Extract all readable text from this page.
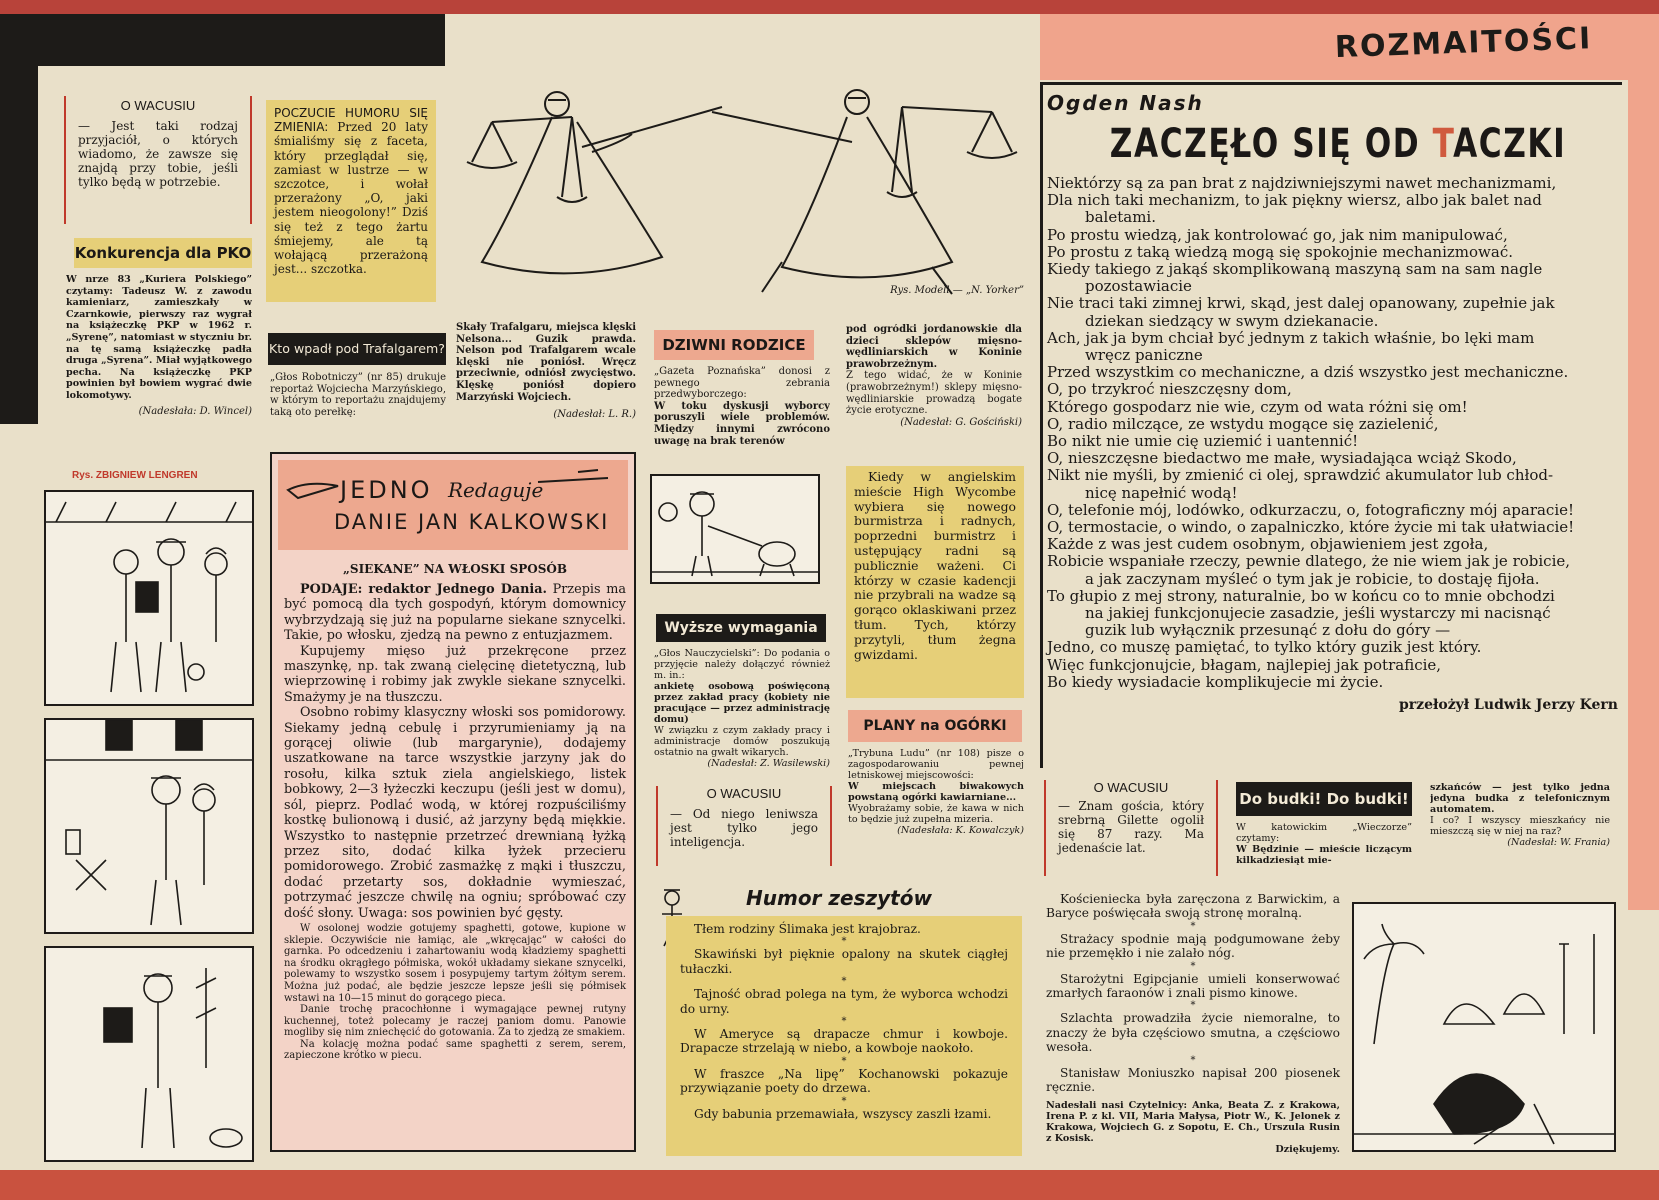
ROZMAITOŚCI
O WACUSIU
— Jest taki rodzaj przyjaciół, o których wiadomo, że zawsze się znajdą przy tobie, jeśli tylko będą w potrzebie.
POCZUCIE HUMORU SIĘ ZMIENIA: Przed 20 laty śmialiśmy się z faceta, który przeglądał się, zamiast w lustrze — w szczotce, i wołał przerażony „O, jaki jestem nieogolony!” Dziś się też z tego żartu śmiejemy, ale tą wołającą przerażoną jest... szczotka.
Rys. Modell — „N. Yorker”
Konkurencja dla PKO
W nrze 83 „Kuriera Polskiego” czytamy: Tadeusz W. z zawodu kamieniarz, zamieszkały w Czarnkowie, pierwszy raz wygrał na książeczkę PKP w 1962 r. „Syrenę”, natomiast w styczniu br. na tę samą książeczkę padła druga „Syrena”. Miał wyjątkowego pecha. Na książeczkę PKP powinien był bowiem wygrać dwie lokomotywy.
(Nadesłała: D. Wincel)
Kto wpadł pod Trafalgarem?
„Głos Robotniczy” (nr 85) drukuje reportaż Wojciecha Marzyńskiego, w którym to reportażu znajdujemy taką oto perełkę:
Skały Trafalgaru, miejsca klęski Nelsona... Guzik prawda. Nelson pod Trafalgarem wcale klęski nie poniósł. Wręcz przeciwnie, odniósł zwycięstwo. Klęskę poniósł dopiero Marzyński Wojciech.
(Nadesłał: L. R.)
DZIWNI RODZICE
„Gazeta Poznańska” donosi z pewnego zebrania przedwyborczego:
W toku dyskusji wyborcy poruszyli wiele problemów. Między innymi zwrócono uwagę na brak terenów
pod ogródki jordanowskie dla dzieci sklepów mięsno-wędliniarskich w Koninie prawobrzeżnym.
Z tego widać, że w Koninie (prawobrzeżnym!) sklepy mięsno-wędliniarskie prowadzą bogate życie erotyczne.
(Nadesłał: G. Gościński)
Ogden Nash
ZACZĘŁO SIĘ OD TACZKI

Niektórzy są za pan brat z najdziwniejszymi nawet mechanizmami,

Dla nich taki mechanizm, to jak piękny wiersz, albo jak balet nad

baletami.

Po prostu wiedzą, jak kontrolować go, jak nim manipulować,

Po prostu z taką wiedzą mogą się spokojnie mechanizmować.

Kiedy takiego z jakąś skomplikowaną maszyną sam na sam nagle

pozostawiacie

Nie traci taki zimnej krwi, skąd, jest dalej opanowany, zupełnie jak

dziekan siedzący w swym dziekanacie.

Ach, jak ja bym chciał być jednym z takich właśnie, bo lęki mam

wręcz paniczne

Przed wszystkim co mechaniczne, a dziś wszystko jest mechaniczne.

O, po trzykroć nieszczęsny dom,

Którego gospodarz nie wie, czym od wata różni się om!

O, radio milczące, ze wstydu mogące się zazielenić,

Bo nikt nie umie cię uziemić i uantennić!

O, nieszczęsne biedactwo me małe, wysiadająca wciąż Skodo,

Nikt nie myśli, by zmienić ci olej, sprawdzić akumulator lub chłod-

nicę napełnić wodą!

O, telefonie mój, lodówko, odkurzaczu, o, fotograficzny mój aparacie!

O, termostacie, o windo, o zapalniczko, które życie mi tak ułatwiacie!

Każde z was jest cudem osobnym, objawieniem jest zgoła,

Robicie wspaniałe rzeczy, pewnie dlatego, że nie wiem jak je robicie,

a jak zaczynam myśleć o tym jak je robicie, to dostaję fijoła.

To głupio z mej strony, naturalnie, bo w końcu co to mnie obchodzi

na jakiej funkcjonujecie zasadzie, jeśli wystarczy mi nacisnąć

guzik lub wyłącznik przesunąć z dołu do góry —

Jedno, co muszę pamiętać, to tylko który guzik jest który.

Więc funkcjonujcie, błagam, najlepiej jak potraficie,

Bo kiedy wysiadacie komplikujecie mi życie.

przełożył Ludwik Jerzy Kern
Rys. ZBIGNIEW LENGREN
JEDNO Redaguje
DANIE JAN KALKOWSKI
„SIEKANE” NA WŁOSKI SPOSÓB
PODAJE: redaktor Jednego Dania. Przepis ma być pomocą dla tych gospodyń, którym domownicy wybrzydzają się już na popularne siekane sznycelki. Takie, po włosku, zjedzą na pewno z entuzjazmem.
Kupujemy mięso już przekręcone przez maszynkę, np. tak zwaną cielęcinę dietetyczną, lub wieprzowinę i robimy jak zwykle siekane sznycelki. Smażymy je na tłuszczu.
Osobno robimy klasyczny włoski sos pomidorowy. Siekamy jedną cebulę i przyrumieniamy ją na gorącej oliwie (lub margarynie), dodajemy uszatkowane na tarce wszystkie jarzyny jak do rosołu, kilka sztuk ziela angielskiego, listek bobkowy, 2—3 łyżeczki keczupu (jeśli jest w domu), sól, pieprz. Podlać wodą, w której rozpuściliśmy kostkę bulionową i dusić, aż jarzyny będą miękkie. Wszystko to następnie przetrzeć drewnianą łyżką przez sito, dodać kilka łyżek przecieru pomidorowego. Zrobić zasmażkę z mąki i tłuszczu, dodać przetarty sos, dokładnie wymieszać, potrzymać jeszcze chwilę na ogniu; spróbować czy dość słony. Uwaga: sos powinien być gęsty.
W osolonej wodzie gotujemy spaghetti, gotowe, kupione w sklepie. Oczywiście nie łamiąc, ale „wkręcając” w całości do garnka. Po odcedzeniu i zahartowaniu wodą kładziemy spaghetti na środku okrągłego półmiska, wokół układamy siekane sznycelki, polewamy to wszystko sosem i posypujemy tartym żółtym serem. Można już podać, ale będzie jeszcze lepsze jeśli się półmisek wstawi na 10—15 minut do gorącego pieca.
Danie trochę pracochłonne i wymagające pewnej rutyny kuchennej, toteż polecamy je raczej paniom domu. Panowie mogliby się nim zniechęcić do gotowania. Za to zjedzą ze smakiem.
Na kolację można podać same spaghetti z serem, serem, zapieczone krótko w piecu.
Wyższe wymagania
„Głos Nauczycielski”: Do podania o przyjęcie należy dołączyć również m. in.:
ankietę osobową poświęconą przez zakład pracy (kobiety nie pracujące — przez administrację domu)
W związku z czym zakłady pracy i administracje domów poszukują ostatnio na gwałt wikarych.
(Nadesłał: Z. Wasilewski)
O WACUSIU
— Od niego leniwsza jest tylko jego inteligencja.
Kiedy w angielskim mieście High Wycombe wybiera się nowego burmistrza i radnych, poprzedni burmistrz i ustępujący radni są publicznie ważeni. Ci którzy w czasie kadencji nie przybrali na wadze są gorąco oklaskiwani przez tłum. Tych, którzy przytyli, tłum żegna gwizdami.
PLANY na OGÓRKI
„Trybuna Ludu” (nr 108) pisze o zagospodarowaniu pewnej letniskowej miejscowości:
W miejscach biwakowych powstaną ogórki kawiarniane...
Wyobrażamy sobie, że kawa w nich to będzie już zupełna mizeria.
(Nadesłała: K. Kowalczyk)
O WACUSIU
— Znam gościa, który srebrną Gilette ogolił się 87 razy. Ma jedenaście lat.
Do budki! Do budki!
W katowickim „Wieczorze” czytamy:
W Będzinie — mieście liczącym kilkadziesiąt mie-
szkańców — jest tylko jedna jedyna budka z telefonicznym automatem.
I co? I wszyscy mieszkańcy nie mieszczą się w niej na raz?
(Nadesłał: W. Frania)
Humor zeszytów
Tłem rodziny Ślimaka jest krajobraz.
*
Skawiński był pięknie opalony na skutek ciągłej tułaczki.
*
Tajność obrad polega na tym, że wyborca wchodzi do urny.
*
W Ameryce są drapacze chmur i kowboje. Drapacze strzelają w niebo, a kowboje naokoło.
*
W fraszce „Na lipę” Kochanowski pokazuje przywiązanie poety do drzewa.
*
Gdy babunia przemawiała, wszyscy zaszli łzami.
Kościeniecka była zaręczona z Barwickim, a Baryce poświęcała swoją stronę moralną.
*
Strażacy spodnie mają podgumowane żeby nie przemękło i nie zalało nóg.
*
Starożytni Egipcjanie umieli konserwować zmarłych faraonów i znali pismo kinowe.
*
Szlachta prowadziła życie niemoralne, to znaczy że była częściowo smutna, a częściowo wesoła.
*
Stanisław Moniuszko napisał 200 piosenek ręcznie.
Nadesłali nasi Czytelnicy: Anka, Beata Z. z Krakowa, Irena P. z kl. VII, Maria Małysa, Piotr W., K. Jelonek z Krakowa, Wojciech G. z Sopotu, E. Ch., Urszula Rusin z Kosisk.
Dziękujemy.
